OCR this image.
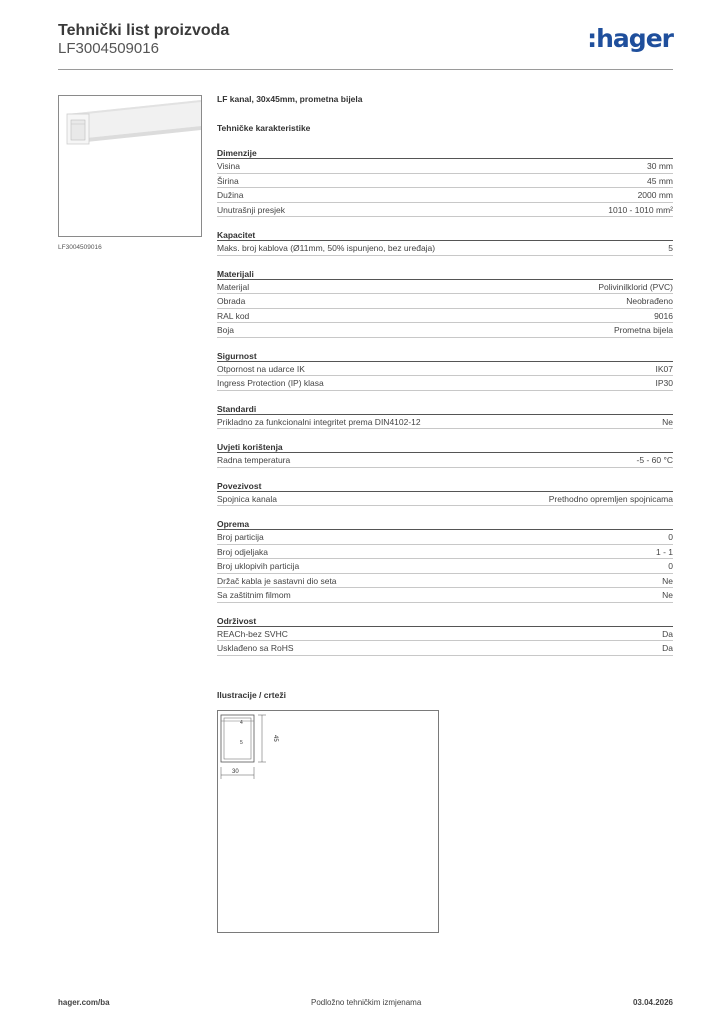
Tehnički list proizvoda
LF3004509016	:hager
LF3004509016
LF kanal, 30x45mm, prometna bijela
Tehničke karakteristike
Dimenzije
Visina	30 mm
Širina	45 mm
Dužina	2000 mm
Unutrašnji presjek	1010 - 1010 mm²
Kapacitet
Maks. broj kablova (Ø11mm, 50% ispunjeno, bez uređaja)	5
Materijali
Materijal	Polivinilklorid (PVC)
Obrada	Neobrađeno
RAL kod	9016
Boja	Prometna bijela
Sigurnost
Otpornost na udarce IK	IK07
Ingress Protection (IP) klasa	IP30
Standardi
Prikladno za funkcionalni integritet prema DIN4102-12	Ne
Uvjeti korištenja
Radna temperatura	-5 - 60 °C
Povezivost
Spojnica kanala	Prethodno opremljen spojnicama
Oprema
Broj particija	0
Broj odjeljaka	1 - 1
Broj uklopivih particija	0
Držač kabla je sastavni dio seta	Ne
Sa zaštitnim filmom	Ne
Održivost
REACh-bez SVHC	Da
Usklađeno sa RoHS	Da
Ilustracije / crteži
45
4
5
30
hager.com/ba	Podložno tehničkim izmjenama	03.04.2026
